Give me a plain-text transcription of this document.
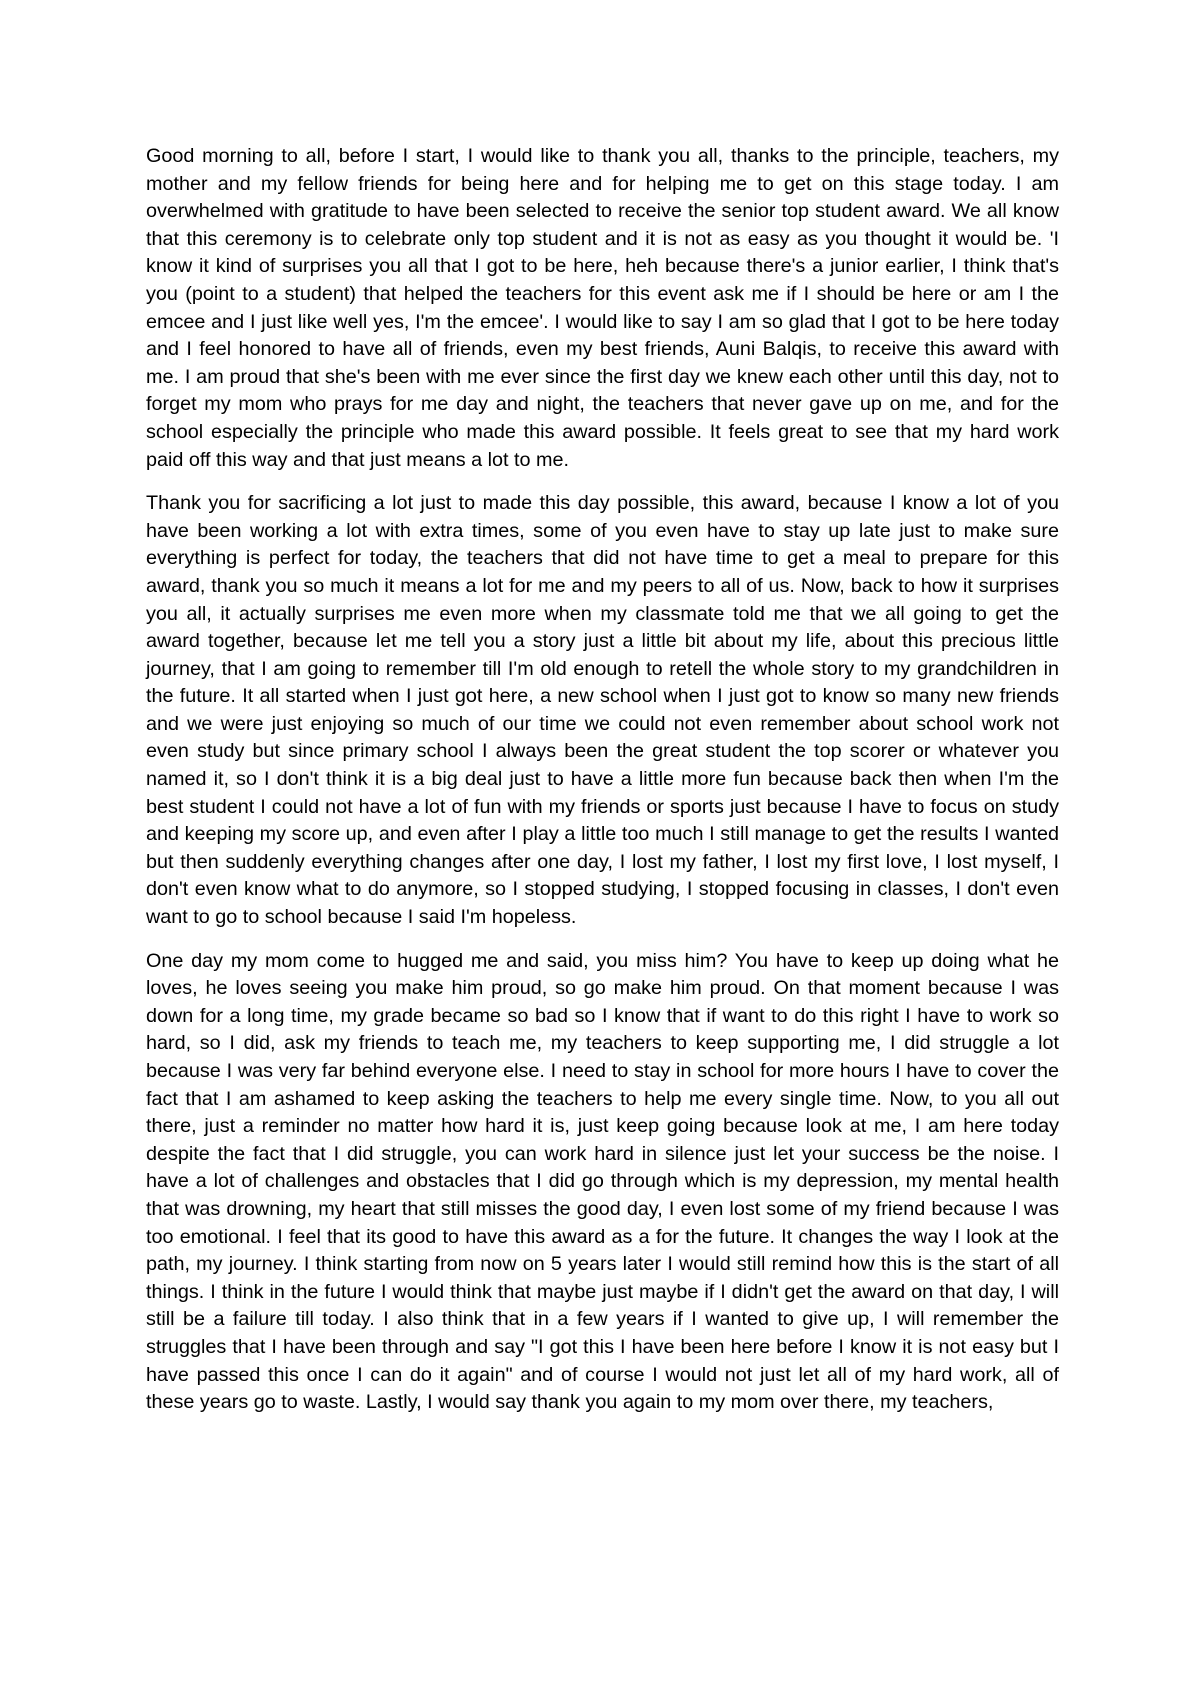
Good morning to all, before I start, I would like to thank you all, thanks to the principle, teachers, my mother and my fellow friends for being here and for helping me to get on this stage today. I am overwhelmed with gratitude to have been selected to receive the senior top student award. We all know that this ceremony is to celebrate only top student and it is not as easy as you thought it would be. 'I know it kind of surprises you all that I got to be here, heh because there's a junior earlier, I think that's you (point to a student) that helped the teachers for this event ask me if I should be here or am I the emcee and I just like well yes, I'm the emcee'. I would like to say I am so glad that I got to be here today and I feel honored to have all of friends, even my best friends, Auni Balqis, to receive this award with me. I am proud that she's been with me ever since the first day we knew each other until this day, not to forget my mom who prays for me day and night, the teachers that never gave up on me, and for the school especially the principle who made this award possible. It feels great to see that my hard work paid off this way and that just means a lot to me.

Thank you for sacrificing a lot just to made this day possible, this award, because I know a lot of you have been working a lot with extra times, some of you even have to stay up late just to make sure everything is perfect for today, the teachers that did not have time to get a meal to prepare for this award, thank you so much it means a lot for me and my peers to all of us. Now, back to how it surprises you all, it actually surprises me even more when my classmate told me that we all going to get the award together, because let me tell you a story just a little bit about my life, about this precious little journey, that I am going to remember till I'm old enough to retell the whole story to my grandchildren in the future. It all started when I just got here, a new school when I just got to know so many new friends and we were just enjoying so much of our time we could not even remember about school work not even study but since primary school I always been the great student the top scorer or whatever you named it, so I don't think it is a big deal just to have a little more fun because back then when I'm the best student I could not have a lot of fun with my friends or sports just because I have to focus on study and keeping my score up, and even after I play a little too much I still manage to get the results I wanted but then suddenly everything changes after one day, I lost my father, I lost my first love, I lost myself, I don't even know what to do anymore, so I stopped studying, I stopped focusing in classes, I don't even want to go to school because I said I'm hopeless.

One day my mom come to hugged me and said, you miss him? You have to keep up doing what he loves, he loves seeing you make him proud, so go make him proud. On that moment because I was down for a long time, my grade became so bad so I know that if want to do this right I have to work so hard, so I did, ask my friends to teach me, my teachers to keep supporting me, I did struggle a lot because I was very far behind everyone else. I need to stay in school for more hours I have to cover the fact that I am ashamed to keep asking the teachers to help me every single time. Now, to you all out there, just a reminder no matter how hard it is, just keep going because look at me, I am here today despite the fact that I did struggle, you can work hard in silence just let your success be the noise. I have a lot of challenges and obstacles that I did go through which is my depression, my mental health that was drowning, my heart that still misses the good day, I even lost some of my friend because I was too emotional. I feel that its good to have this award as a for the future. It changes the way I look at the path, my journey. I think starting from now on 5 years later I would still remind how this is the start of all things. I think in the future I would think that maybe just maybe if I didn't get the award on that day, I will still be a failure till today. I also think that in a few years if I wanted to give up, I will remember the struggles that I have been through and say "I got this I have been here before I know it is not easy but I have passed this once I can do it again" and of course I would not just let all of my hard work, all of these years go to waste. Lastly, I would say thank you again to my mom over there, my teachers,
